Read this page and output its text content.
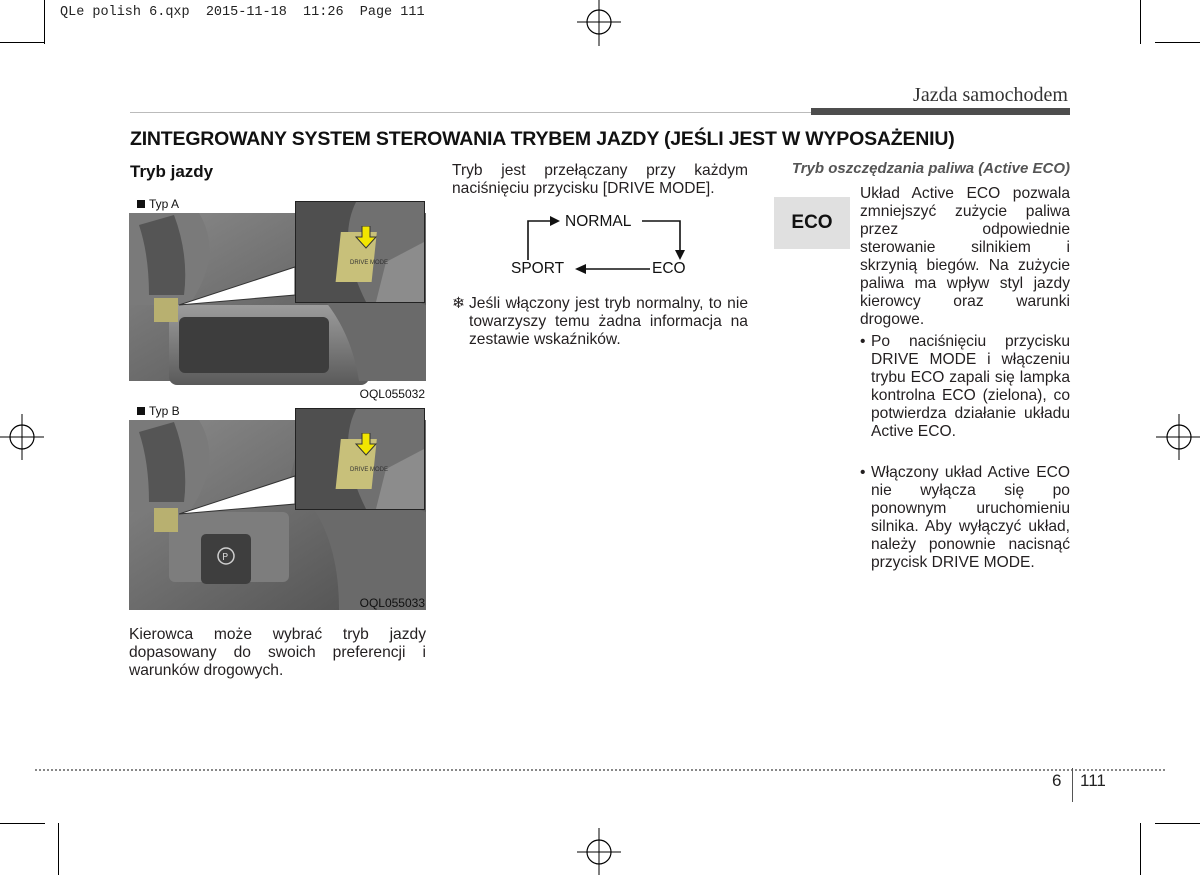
QLe polish 6.qxp  2015-11-18  11:26  Page 111
Jazda samochodem
ZINTEGROWANY SYSTEM STEROWANIA TRYBEM JAZDY (JEŚLI JEST W WYPOSAŻENIU)
Tryb jazdy
DRIVE MODE
Typ A
OQL055032
P
DRIVE MODE
Typ B
OQL055033
Kierowca może wybrać tryb jazdy dopasowany do swoich preferencji i warunków drogowych.
Tryb jest przełączany przy każdym naciśnięciu przycisku [DRIVE MODE].
NORMAL
SPORT	ECO
❄ Jeśli włączony jest tryb normalny, to nie towarzyszy temu żadna informacja na zestawie wskaźników.
Tryb oszczędzania paliwa (Active ECO)
ECO
Układ Active ECO pozwala
zmniejszyć zużycie paliwa
przez odpowiednie
sterowanie silnikiem i
skrzynią biegów. Na zużycie
paliwa ma wpływ styl jazdy
kierowcy oraz warunki
drogowe.
• Po naciśnięciu przycisku DRIVE MODE i włączeniu trybu ECO zapali się lampka kontrolna ECO (zielona), co potwierdza działanie układu Active ECO.
• Włączony układ Active ECO nie wyłącza się po ponownym uruchomieniu silnika. Aby wyłączyć układ, należy ponownie nacisnąć przycisk DRIVE MODE.
6 111
